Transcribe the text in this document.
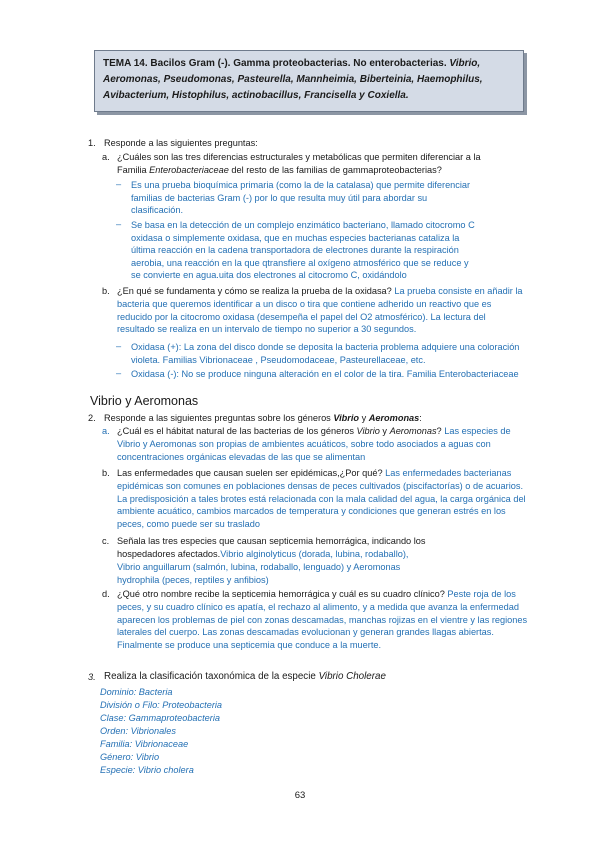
TEMA 14. Bacilos Gram (-). Gamma proteobacterias. No enterobacterias. Vibrio,
Aeromonas, Pseudomonas, Pasteurella, Mannheimia, Biberteinia, Haemophilus,
Avibacterium, Histophilus, actinobacillus, Francisella y Coxiella.
1. Responde a las siguientes preguntas:
a. ¿Cuáles son las tres diferencias estructurales y metabólicas que permiten diferenciar a la
Familia Enterobacteriaceae del resto de las familias de gammaproteobacterias?
– Es una prueba bioquímica primaria (como la de la catalasa) que permite diferenciar
familias de bacterias Gram (-) por lo que resulta muy útil para abordar su
clasificación.
– Se basa en la detección de un complejo enzimático bacteriano, llamado citocromo C
oxidasa o simplemente oxidasa, que en muchas especies bacterianas cataliza la
última reacción en la cadena transportadora de electrones durante la respiración
aerobia, una reacción en la que qtransfiere al oxígeno atmosférico que se reduce y
se convierte en agua.uita dos electrones al citocromo C, oxidándolo
b. ¿En qué se fundamenta y cómo se realiza la prueba de la oxidasa? La prueba consiste en añadir la
bacteria que queremos identificar a un disco o tira que contiene adherido un reactivo que es
reducido por la citocromo oxidasa (desempeña el papel del O2 atmosférico). La lectura del
resultado se realiza en un intervalo de tiempo no superior a 30 segundos.
– Oxidasa (+): La zona del disco donde se deposita la bacteria problema adquiere una coloración
violeta. Familias Vibrionaceae , Pseudomodaceae, Pasteurellaceae, etc.
– Oxidasa (-): No se produce ninguna alteración en el color de la tira. Familia Enterobacteriaceae
Vibrio y Aeromonas
2. Responde a las siguientes preguntas sobre los géneros Vibrio y Aeromonas:
a. ¿Cuál es el hábitat natural de las bacterias de los géneros Vibrio y Aeromonas? Las especies de
Vibrio y Aeromonas son propias de ambientes acuáticos, sobre todo asociados a aguas con
concentraciones orgánicas elevadas de las que se alimentan
b. Las enfermedades que causan suelen ser epidémicas,¿Por qué? Las enfermedades bacterianas
epidémicas son comunes en poblaciones densas de peces cultivados (piscifactorías) o de acuarios.
La predisposición a tales brotes está relacionada con la mala calidad del agua, la carga orgánica del
ambiente acuático, cambios marcados de temperatura y condiciones que generan estrés en los
peces, como puede ser su traslado
c. Señala las tres especies que causan septicemia hemorrágica, indicando los
hospedadores afectados.Vibrio alginolyticus (dorada, lubina, rodaballo),
Vibrio anguillarum (salmón, lubina, rodaballo, lenguado) y Aeromonas
hydrophila (peces, reptiles y anfibios)
d. ¿Qué otro nombre recibe la septicemia hemorrágica y cuál es su cuadro clínico? Peste roja de los
peces, y su cuadro clínico es apatía, el rechazo al alimento, y a medida que avanza la enfermedad
aparecen los problemas de piel con zonas descamadas, manchas rojizas en el vientre y las regiones
laterales del cuerpo. Las zonas descamadas evolucionan y generan grandes llagas abiertas.
Finalmente se produce una septicemia que conduce a la muerte.
3. Realiza la clasificación taxonómica de la especie Vibrio Cholerae
Dominio: Bacteria
División o Filo: Proteobacteria
Clase: Gammaproteobacteria
Orden: Vibrionales
Familia: Vibrionaceae
Género: Vibrio
Especie: Vibrio cholera
63
